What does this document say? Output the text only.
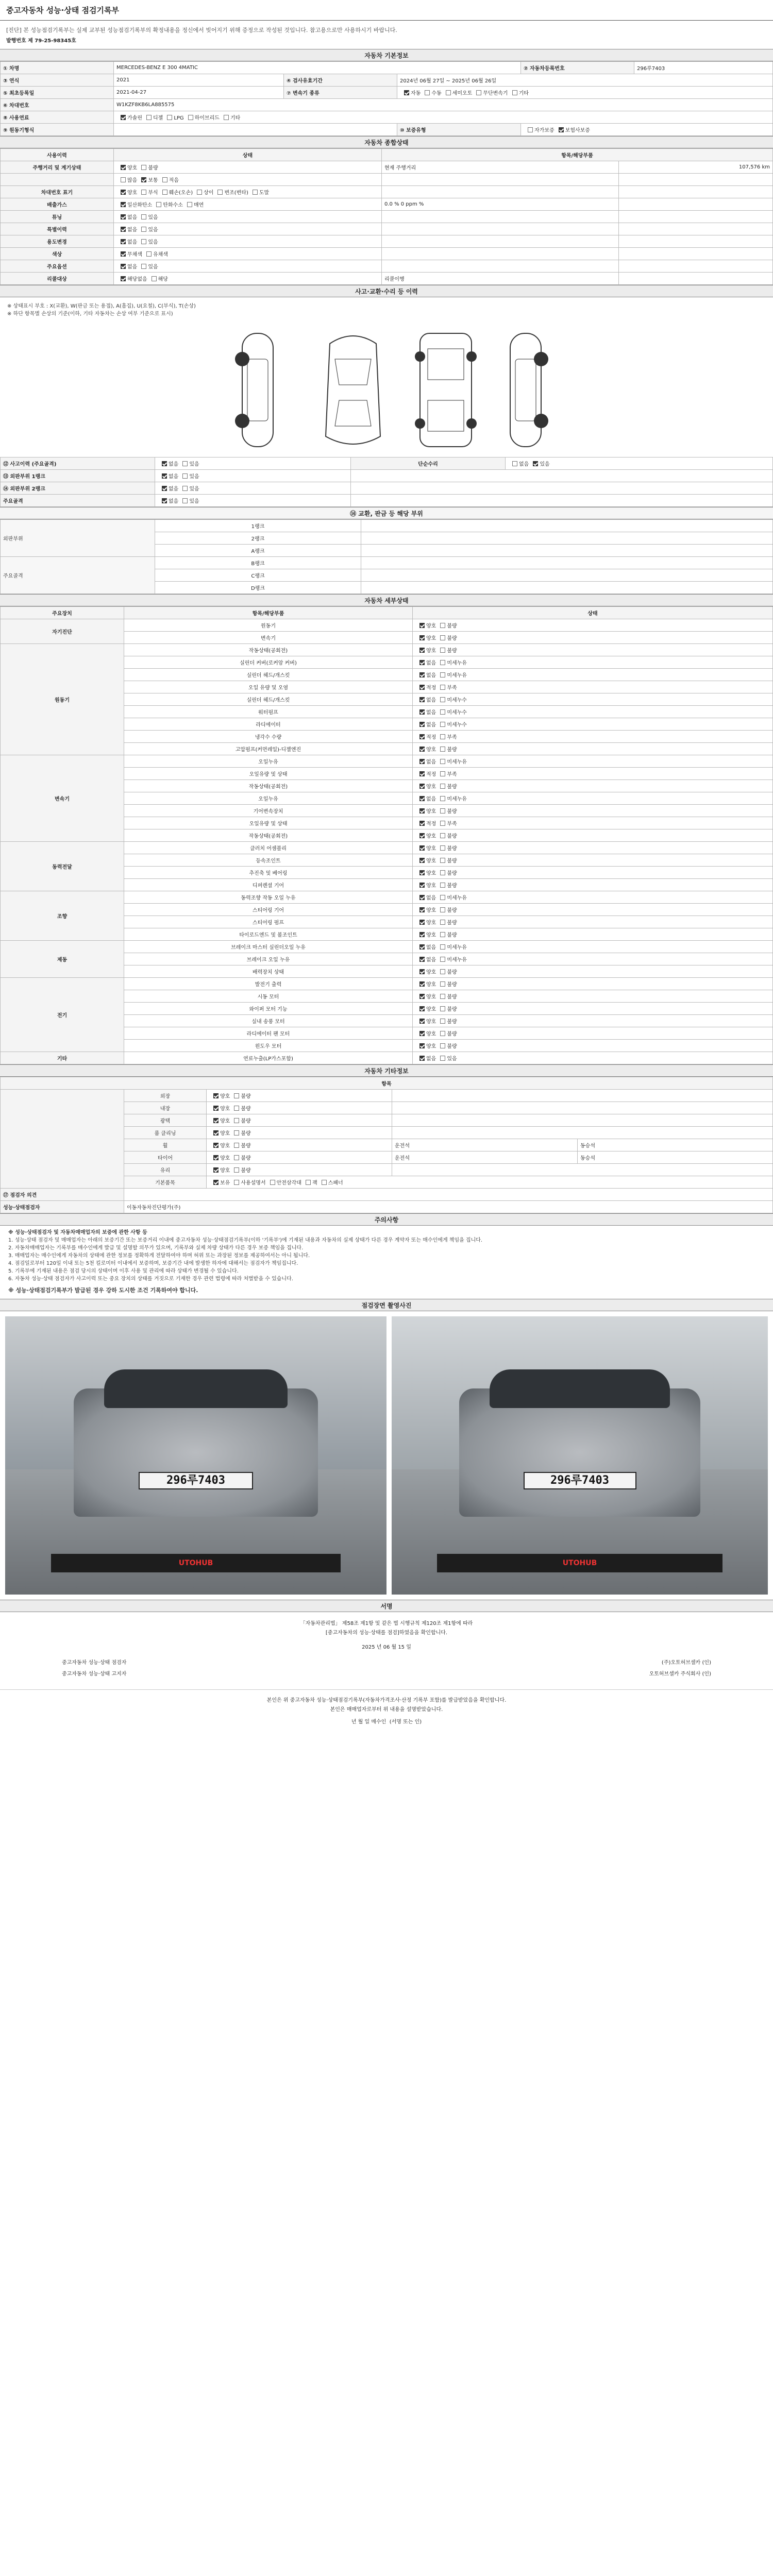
중고자동차 성능·상태 점검기록부
[진단] 본 성능점검기록부는 실제 교부된 성능점검기록부의 확정내용을 정신에서 빚어지기 위해 증정으로 작성된 것입니다. 참고용으로만 사용하시기 바랍니다.
발행번호 제 79-25-98345호
자동차 기본정보
① 차명	MERCEDES-BENZ E 300 4MATIC			② 자동차등록번호	296루7403
③ 연식	2021	④ 검사유효기간	2024년 06월 27일 ~ 2025년 06월 26일		
⑤ 최초등록일	2021-04-27	⑦ 변속기 종류	자동 수동 세미오토 무단변속기 기타		
⑥ 차대번호	W1KZF8KB6LA885575				
⑧ 사용연료	가솔린 디젤 LPG 하이브리드 기타				
⑨ 원동기형식			⑩ 보증유형	자가보증 보험사보증	
자동차 종합상태
사용이력	상태	항목/해당부품	
주행거리 및 계기상태	양호 불량	현재 주행거리	107,576 km
	많음 보통 적음		
차대번호 표기	양호 부식 훼손(오손) 상이 변조(변타) 도말		
배출가스	일산화탄소 탄화수소 매연	0.0 % 0 ppm %	
튜닝	없음 있음		
특별이력	없음 있음		
용도변경	없음 있음		
색상	무채색 유채색		
주요옵션	없음 있음		
리콜대상	해당없음 해당	리콜이행	
사고·교환·수리 등 이력
※ 상태표시 부호 : X(교환), W(판금 또는 용접), A(흠집), U(요철), C(부식), T(손상)
※ 하단 항목별 손상의 기준(이하, 기타 자동차는 손상 여부 기준으로 표시)
⑫ 사고이력 (주요골격)	없음 있음	단순수리	없음 있음
⑬ 외판부위 1랭크	없음 있음		
⑭ 외판부위 2랭크	없음 있음		
주요골격	없음 있음		
⑭ 교환, 판금 등 해당 부위
외판부위	1랭크	
	2랭크	
	A랭크	
주요골격	B랭크	
	C랭크	
	D랭크	
자동차 세부상태
주요장치	항목/해당부품	상태
자기진단	원동기	양호 불량
	변속기	양호 불량
원동기	작동상태(공회전)	양호 불량
	실린더 커버(로커암 커버)	없음 미세누유
	실린더 헤드/개스킷	없음 미세누유
	오일 유량 및 오염	적정 부족
	실린더 헤드/개스킷	없음 미세누수
	워터펌프	없음 미세누수
	라디에이터	없음 미세누수
	냉각수 수량	적정 부족
	고압펌프(커먼레일)-디젤엔진	양호 불량
변속기	오일누유	없음 미세누유
	오일유량 및 상태	적정 부족
	작동상태(공회전)	양호 불량
	오일누유	없음 미세누유
	기어변속장치	양호 불량
	오일유량 및 상태	적정 부족
	작동상태(공회전)	양호 불량
동력전달	클러치 어셈블리	양호 불량
	등속조인트	양호 불량
	추진축 및 베어링	양호 불량
	디퍼렌셜 기어	양호 불량
조향	동력조향 작동 오일 누유	없음 미세누유
	스티어링 기어	양호 불량
	스티어링 펌프	양호 불량
	타이로드엔드 및 볼조인트	양호 불량
제동	브레이크 마스터 실린더오일 누유	없음 미세누유
	브레이크 오일 누유	없음 미세누유
	배력장치 상태	양호 불량
전기	발전기 출력	양호 불량
	시동 모터	양호 불량
	와이퍼 모터 기능	양호 불량
	실내 송풍 모터	양호 불량
	라디에이터 팬 모터	양호 불량
	윈도우 모터	양호 불량
기타	연료누출(LP가스포함)	없음 있음
자동차 기타정보
항목				
	외장	양호 불량		
	내장	양호 불량		
	광택	양호 불량		
	룸 클리닝	양호 불량		
	휠	양호 불량	운전석	동승석
	타이어	양호 불량	운전석	동승석
	유리	양호 불량		
	기본품목	보유 사용설명서 안전삼각대 잭 스패너		
⑰ 점검자 의견				
성능·상태점검자	이동자동차진단평가(주)			
주의사항

※ 성능·상태점검자 및 자동차매매업자의 보증에 관한 사항 등

1. 성능·상태 점검자 및 매매업자는 아래의 보증기간 또는 보증거리 이내에 중고자동차 성능·상태점검기록부(이하 '기록부')에 기재된 내용과 자동차의 실제 상태가 다른 경우 계약자 또는 매수인에게 책임을 집니다.

2. 자동차매매업자는 기록부를 매수인에게 발급 및 설명할 의무가 있으며, 기록부와 실제 차량 상태가 다른 경우 보증 책임을 집니다.

3. 매매업자는 매수인에게 자동차의 상태에 관한 정보를 정확하게 전달하여야 하며 허위 또는 과장된 정보를 제공하여서는 아니 됩니다.

4. 점검일로부터 120일 이내 또는 5천 킬로미터 이내에서 보증하며, 보증기간 내에 발생한 하자에 대해서는 점검자가 책임집니다.

5. 기록부에 기재된 내용은 점검 당시의 상태이며 이후 사용 및 관리에 따라 상태가 변경될 수 있습니다.

6. 자동차 성능·상태 점검자가 사고이력 또는 중요 장치의 상태를 거짓으로 기재한 경우 관련 법령에 따라 처벌받을 수 있습니다.

※ 성능·상태점검기록부가 발급된 경우 강하 도시한 조건 기록하여야 합니다.

점검장면 촬영사진
296루7403
UTOHUB
296루7403
UTOHUB
서명
「자동차관리법」 제58조 제1항 및 같은 법 시행규칙 제120조 제1항에 따라
[중고자동차의 성능·상태를 점검]하였음을 확인합니다.
2025 년 06 월 15 일
중고자동차 성능·상태 점검자	(주)오토허브셀카 (인)
중고자동차 성능·상태 고지자	오토허브셀카 주식회사 (인)
본인은 위 중고자동차 성능·상태점검기록부(자동차가격조사·산정 기록부 포함)를 발급받았음을 확인합니다.
본인은 매매업자로부터 위 내용을 설명받았습니다.
년 월 일 매수인 (서명 또는 인)
